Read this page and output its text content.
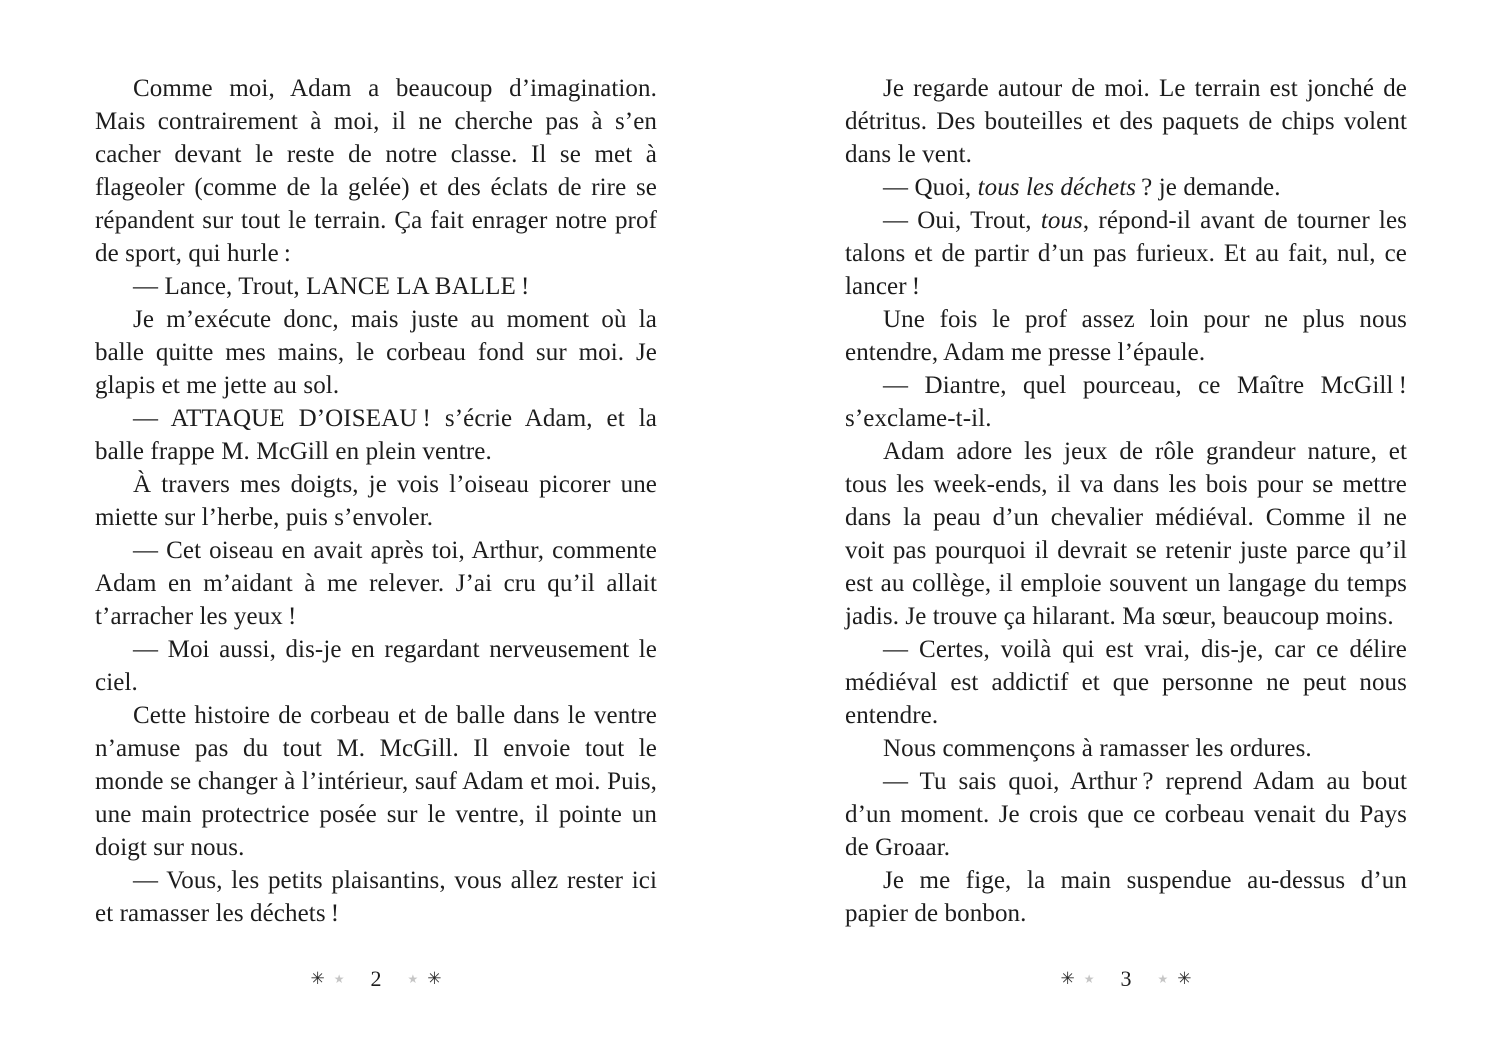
Comme moi, Adam a beaucoup d’imagination. Mais contrairement à moi, il ne cherche pas à s’en cacher devant le reste de notre classe. Il se met à flageoler (comme de la gelée) et des éclats de rire se répandent sur tout le terrain. Ça fait enrager notre prof de sport, qui hurle :

— Lance, Trout, LANCE LA BALLE !

Je m’exécute donc, mais juste au moment où la balle quitte mes mains, le corbeau fond sur moi. Je glapis et me jette au sol.

— ATTAQUE D’OISEAU ! s’écrie Adam, et la balle frappe M. McGill en plein ventre.

À travers mes doigts, je vois l’oiseau picorer une miette sur l’herbe, puis s’envoler.

— Cet oiseau en avait après toi, Arthur, commente Adam en m’aidant à me relever. J’ai cru qu’il allait t’arracher les yeux !

— Moi aussi, dis-je en regardant nerveusement le ciel.

Cette histoire de corbeau et de balle dans le ventre n’amuse pas du tout M. McGill. Il envoie tout le monde se changer à l’intérieur, sauf Adam et moi. Puis, une main protectrice posée sur le ventre, il pointe un doigt sur nous.

— Vous, les petits plaisantins, vous allez rester ici et ramasser les déchets !

Je regarde autour de moi. Le terrain est jonché de détritus. Des bouteilles et des paquets de chips volent dans le vent.

— Quoi, tous les déchets ? je demande.

— Oui, Trout, tous, répond-il avant de tourner les talons et de partir d’un pas furieux. Et au fait, nul, ce lancer !

Une fois le prof assez loin pour ne plus nous entendre, Adam me presse l’épaule.

— Diantre, quel pourceau, ce Maître McGill ! s’exclame-t-il.

Adam adore les jeux de rôle grandeur nature, et tous les week-ends, il va dans les bois pour se mettre dans la peau d’un chevalier médiéval. Comme il ne voit pas pourquoi il devrait se retenir juste parce qu’il est au collège, il emploie souvent un langage du temps jadis. Je trouve ça hilarant. Ma sœur, beaucoup moins.

— Certes, voilà qui est vrai, dis-je, car ce délire médiéval est addictif et que personne ne peut nous entendre.

Nous commençons à ramasser les ordures.

— Tu sais quoi, Arthur ? reprend Adam au bout d’un moment. Je crois que ce corbeau venait du Pays de Groaar.

Je me fige, la main suspendue au-dessus d’un papier de bonbon.

✳ ★ 2 ★ ✳	✳ ★ 3 ★ ✳
